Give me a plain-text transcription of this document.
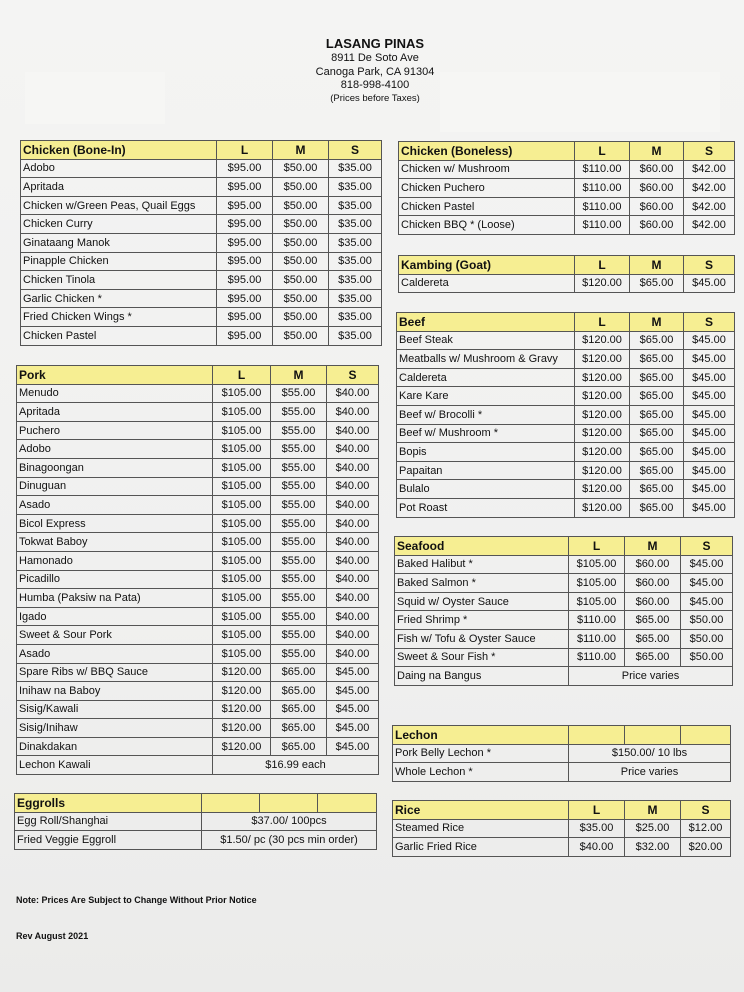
LASANG PINAS
8911 De Soto Ave
Canoga Park, CA 91304
818-998-4100
(Prices before Taxes)
Chicken (Bone-In)	L	M	S
Adobo	$95.00	$50.00	$35.00
Apritada	$95.00	$50.00	$35.00
Chicken w/Green Peas, Quail Eggs	$95.00	$50.00	$35.00
Chicken Curry	$95.00	$50.00	$35.00
Ginataang Manok	$95.00	$50.00	$35.00
Pinapple Chicken	$95.00	$50.00	$35.00
Chicken Tinola	$95.00	$50.00	$35.00
Garlic Chicken *	$95.00	$50.00	$35.00
Fried Chicken Wings *	$95.00	$50.00	$35.00
Chicken Pastel	$95.00	$50.00	$35.00
Pork	L	M	S
Menudo	$105.00	$55.00	$40.00
Apritada	$105.00	$55.00	$40.00
Puchero	$105.00	$55.00	$40.00
Adobo	$105.00	$55.00	$40.00
Binagoongan	$105.00	$55.00	$40.00
Dinuguan	$105.00	$55.00	$40.00
Asado	$105.00	$55.00	$40.00
Bicol Express	$105.00	$55.00	$40.00
Tokwat Baboy	$105.00	$55.00	$40.00
Hamonado	$105.00	$55.00	$40.00
Picadillo	$105.00	$55.00	$40.00
Humba (Paksiw na Pata)	$105.00	$55.00	$40.00
Igado	$105.00	$55.00	$40.00
Sweet & Sour Pork	$105.00	$55.00	$40.00
Asado	$105.00	$55.00	$40.00
Spare Ribs w/ BBQ Sauce	$120.00	$65.00	$45.00
Inihaw na Baboy	$120.00	$65.00	$45.00
Sisig/Kawali	$120.00	$65.00	$45.00
Sisig/Inihaw	$120.00	$65.00	$45.00
Dinakdakan	$120.00	$65.00	$45.00
Lechon Kawali	$16.99 each		
Eggrolls			
Egg Roll/Shanghai	$37.00/ 100pcs		
Fried Veggie Eggroll	$1.50/ pc (30 pcs min order)		
Chicken (Boneless)	L	M	S
Chicken w/ Mushroom	$110.00	$60.00	$42.00
Chicken Puchero	$110.00	$60.00	$42.00
Chicken Pastel	$110.00	$60.00	$42.00
Chicken BBQ * (Loose)	$110.00	$60.00	$42.00
Kambing (Goat)	L	M	S
Caldereta	$120.00	$65.00	$45.00
Beef	L	M	S
Beef Steak	$120.00	$65.00	$45.00
Meatballs w/ Mushroom & Gravy	$120.00	$65.00	$45.00
Caldereta	$120.00	$65.00	$45.00
Kare Kare	$120.00	$65.00	$45.00
Beef w/ Brocolli *	$120.00	$65.00	$45.00
Beef w/ Mushroom *	$120.00	$65.00	$45.00
Bopis	$120.00	$65.00	$45.00
Papaitan	$120.00	$65.00	$45.00
Bulalo	$120.00	$65.00	$45.00
Pot Roast	$120.00	$65.00	$45.00
Seafood	L	M	S
Baked Halibut *	$105.00	$60.00	$45.00
Baked Salmon *	$105.00	$60.00	$45.00
Squid w/ Oyster Sauce	$105.00	$60.00	$45.00
Fried Shrimp *	$110.00	$65.00	$50.00
Fish w/ Tofu & Oyster Sauce	$110.00	$65.00	$50.00
Sweet & Sour Fish *	$110.00	$65.00	$50.00
Daing na Bangus	Price varies		
Lechon			
Pork Belly Lechon *	$150.00/ 10 lbs		
Whole Lechon *	Price varies		
Rice	L	M	S
Steamed Rice	$35.00	$25.00	$12.00
Garlic Fried Rice	$40.00	$32.00	$20.00
Note: Prices Are Subject to Change Without Prior Notice
Rev August 2021
